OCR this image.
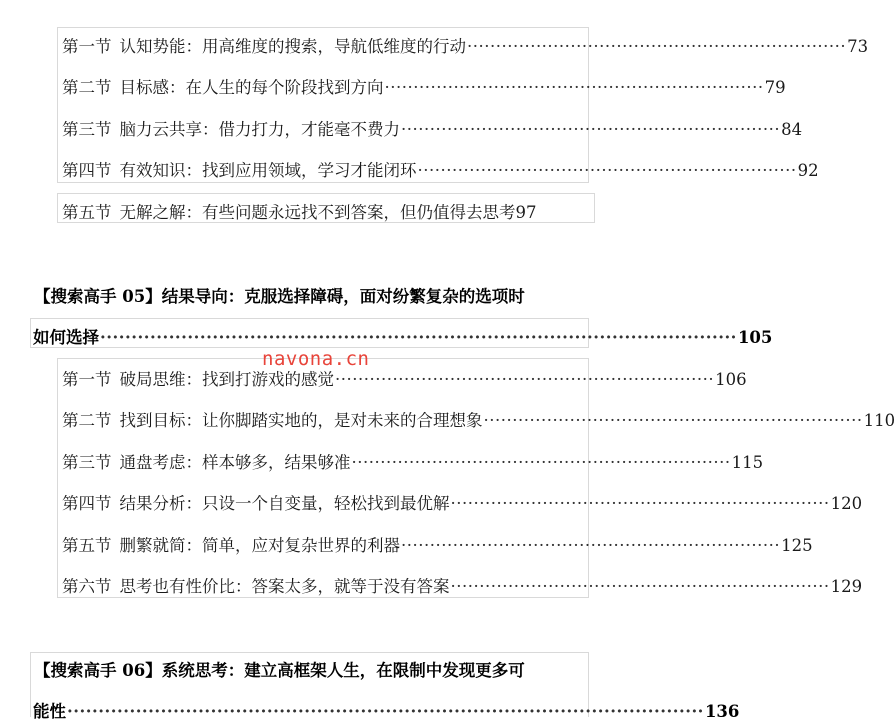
第一节 认知势能：用高维度的搜索，导航低维度的行动 ·································································· 73
第二节 目标感：在人生的每个阶段找到方向 ·································································· 79
第三节 脑力云共享：借力打力，才能毫不费力 ·································································· 84
第四节 有效知识：找到应用领域，学习才能闭环 ·································································· 92
第五节 无解之解：有些问题永远找不到答案，但仍值得去思考 97
【搜索高手 05】结果导向：克服选择障碍，面对纷繁复杂的选项时
如何选择 ······································································································ 105
第一节 破局思维：找到打游戏的感觉 ·································································· 106
第二节 找到目标：让你脚踏实地的，是对未来的合理想象 ·································································· 110
第三节 通盘考虑：样本够多，结果够准 ·································································· 115
第四节 结果分析：只设一个自变量，轻松找到最优解 ·································································· 120
第五节 删繁就简：简单，应对复杂世界的利器 ·································································· 125
第六节 思考也有性价比：答案太多，就等于没有答案 ·································································· 129
【搜索高手 06】系统思考：建立高框架人生，在限制中发现更多可
能性 ······································································································ 136
navona.cn
